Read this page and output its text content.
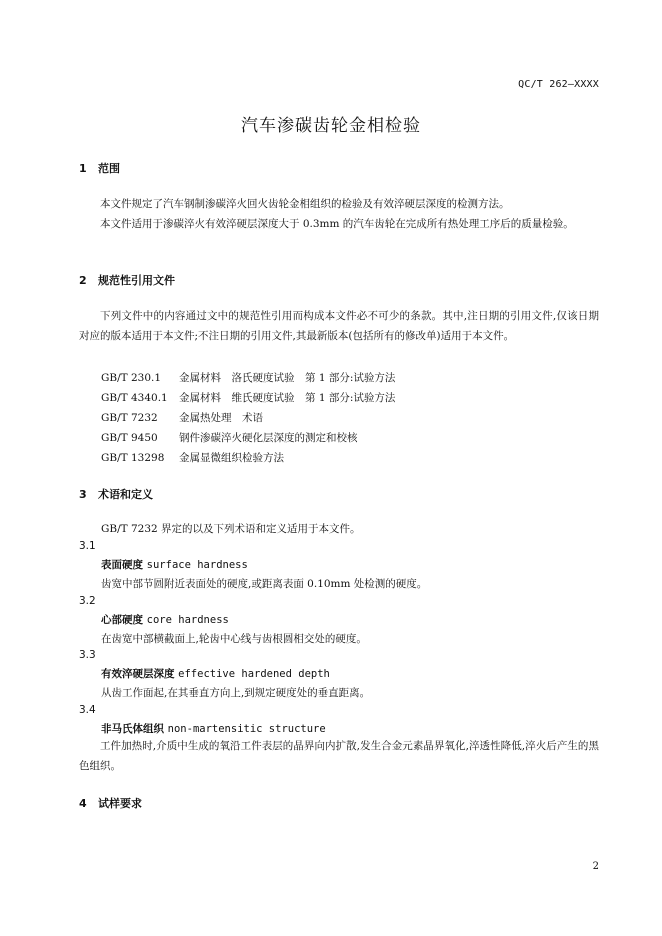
QC/T 262—XXXX
汽车渗碳齿轮金相检验
1 范围
本文件规定了汽车钢制渗碳淬火回火齿轮金相组织的检验及有效淬硬层深度的检测方法。
本文件适用于渗碳淬火有效淬硬层深度大于 0.3mm 的汽车齿轮在完成所有热处理工序后的质量检验。
2 规范性引用文件
下列文件中的内容通过文中的规范性引用而构成本文件必不可少的条款。其中,注日期的引用文件,仅该日期对应的版本适用于本文件;不注日期的引用文件,其最新版本(包括所有的修改单)适用于本文件。
GB/T 230.1 金属材料　洛氏硬度试验　第 1 部分:试验方法
GB/T 4340.1 金属材料　维氏硬度试验　第 1 部分:试验方法
GB/T 7232 金属热处理　术语
GB/T 9450 钢件渗碳淬火硬化层深度的测定和校核
GB/T 13298 金属显微组织检验方法
3 术语和定义
GB/T 7232 界定的以及下列术语和定义适用于本文件。
3.1
表面硬度 surface hardness
齿宽中部节圆附近表面处的硬度,或距离表面 0.10mm 处检测的硬度。
3.2
心部硬度 core hardness
在齿宽中部横截面上,轮齿中心线与齿根圆相交处的硬度。
3.3
有效淬硬层深度 effective hardened depth
从齿工作面起,在其垂直方向上,到规定硬度处的垂直距离。
3.4
非马氏体组织 non-martensitic structure
工件加热时,介质中生成的氧沿工件表层的晶界向内扩散,发生合金元素晶界氧化,淬透性降低,淬火后产生的黑色组织。
4 试样要求
2
